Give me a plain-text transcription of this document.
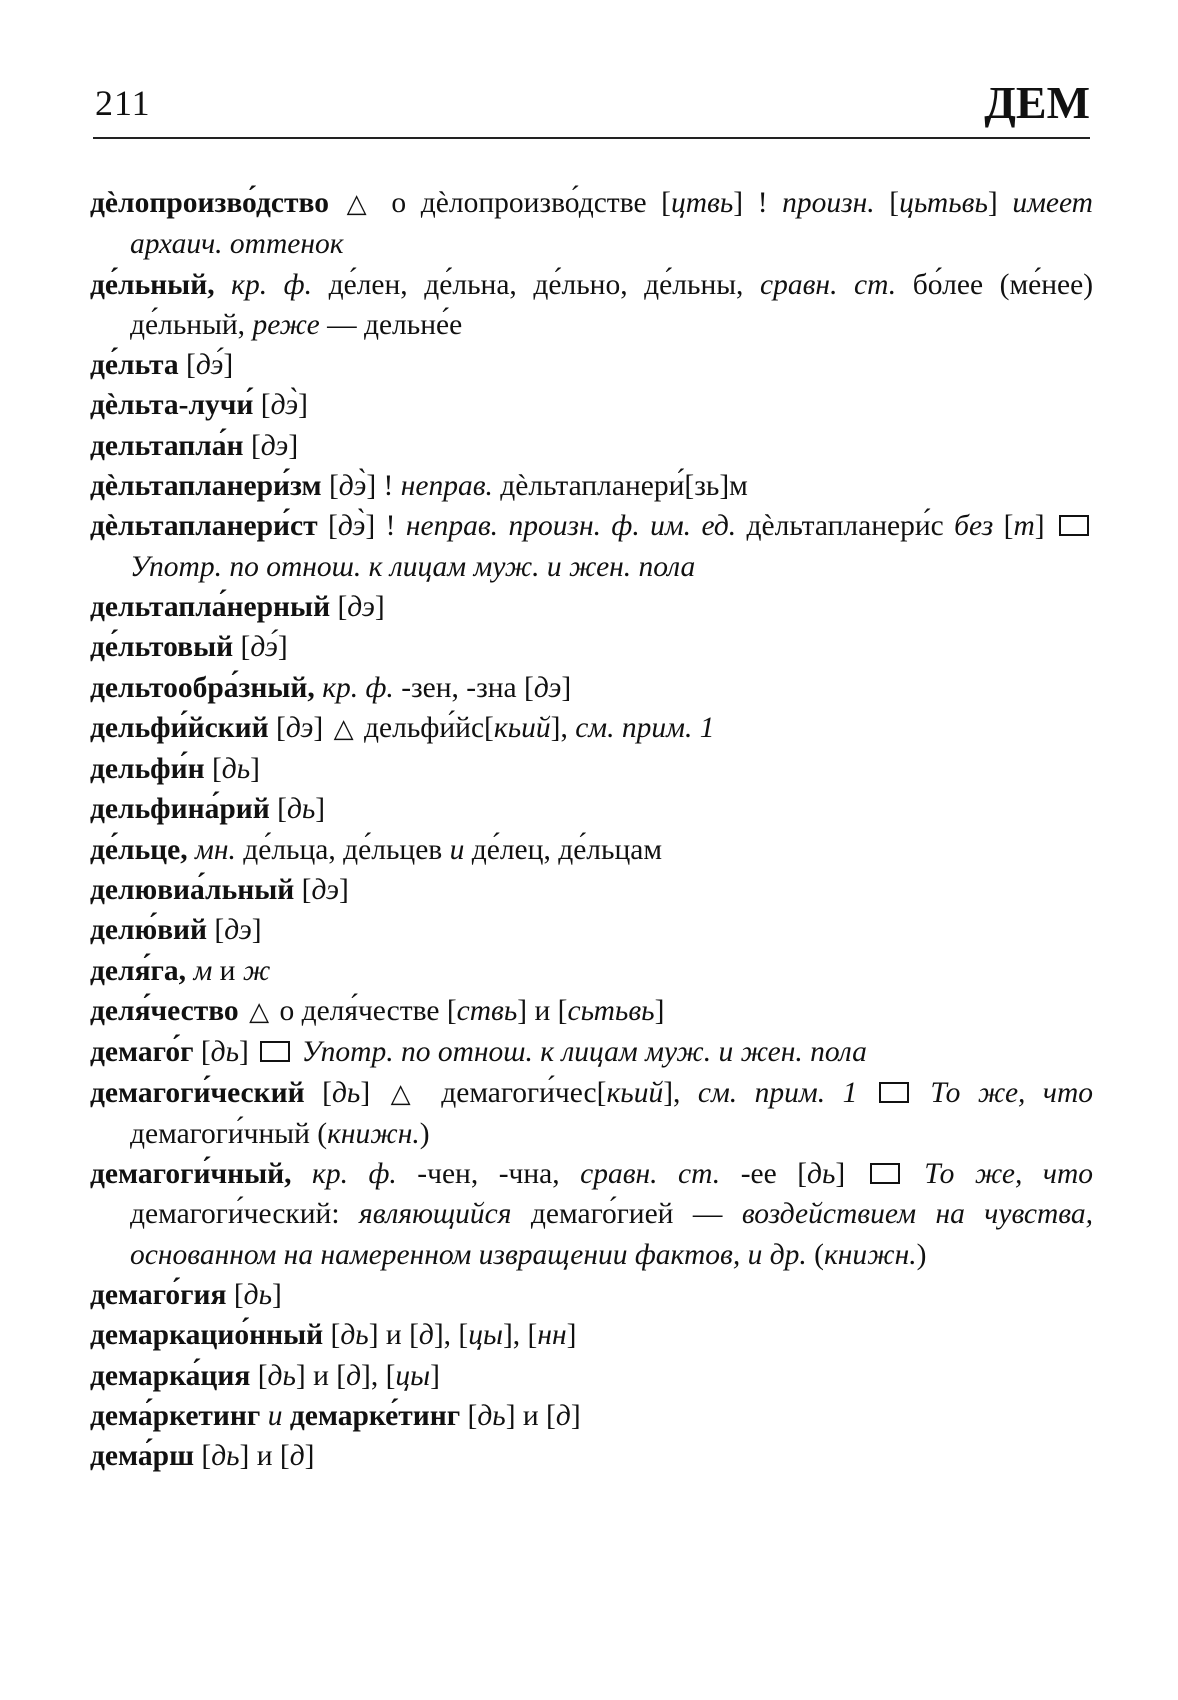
211	ДЕМ
дѐлопроизво́дство △ о дѐлопроизво́дстве [цтвь] ! произн. [цьтьвь] имеет архаич. оттенок
де́льный, кр. ф. де́лен, де́льна, де́льно, де́льны, сравн. ст. бо́лее (ме́нее) де́льный, реже — дельне́е
де́льта [дэ́]
дѐльта-лучи́ [дэ̀]
дельтапла́н [дэ]
дѐльтапланери́зм [дэ̀] ! неправ. дѐльтапланери́[зь]м
дѐльтапланери́ст [дэ̀] ! неправ. произн. ф. им. ед. дѐльтапланери́с без [т]  Употр. по отнош. к лицам муж. и жен. пола
дельтапла́нерный [дэ]
де́льтовый [дэ́]
дельтообра́зный, кр. ф. -зен, -зна [дэ]
дельфи́йский [дэ] △ дельфи́йс[кьий], см. прим. 1
дельфи́н [дь]
дельфина́рий [дь]
де́льце, мн. де́льца, де́льцев и де́лец, де́льцам
делювиа́льный [дэ]
делю́вий [дэ]
деля́га, м и ж
деля́чество △ о деля́честве [ствь] и [сьтьвь]
демаго́г [дь]  Употр. по отнош. к лицам муж. и жен. пола
демагоги́ческий [дь] △ демагоги́чес[кьий], см. прим. 1 То же, что демагоги́чный (книжн.)
демагоги́чный, кр. ф. -чен, -чна, сравн. ст. -ее [дь]  То же, что демагоги́ческий: являющийся демаго́гией — воздействием на чувства, основанном на намеренном извращении фактов, и др. (книжн.)
демаго́гия [дь]
демаркацио́нный [дь] и [д], [цы], [нн]
демарка́ция [дь] и [д], [цы]
дема́ркетинг и демарке́тинг [дь] и [д]
дема́рш [дь] и [д]
